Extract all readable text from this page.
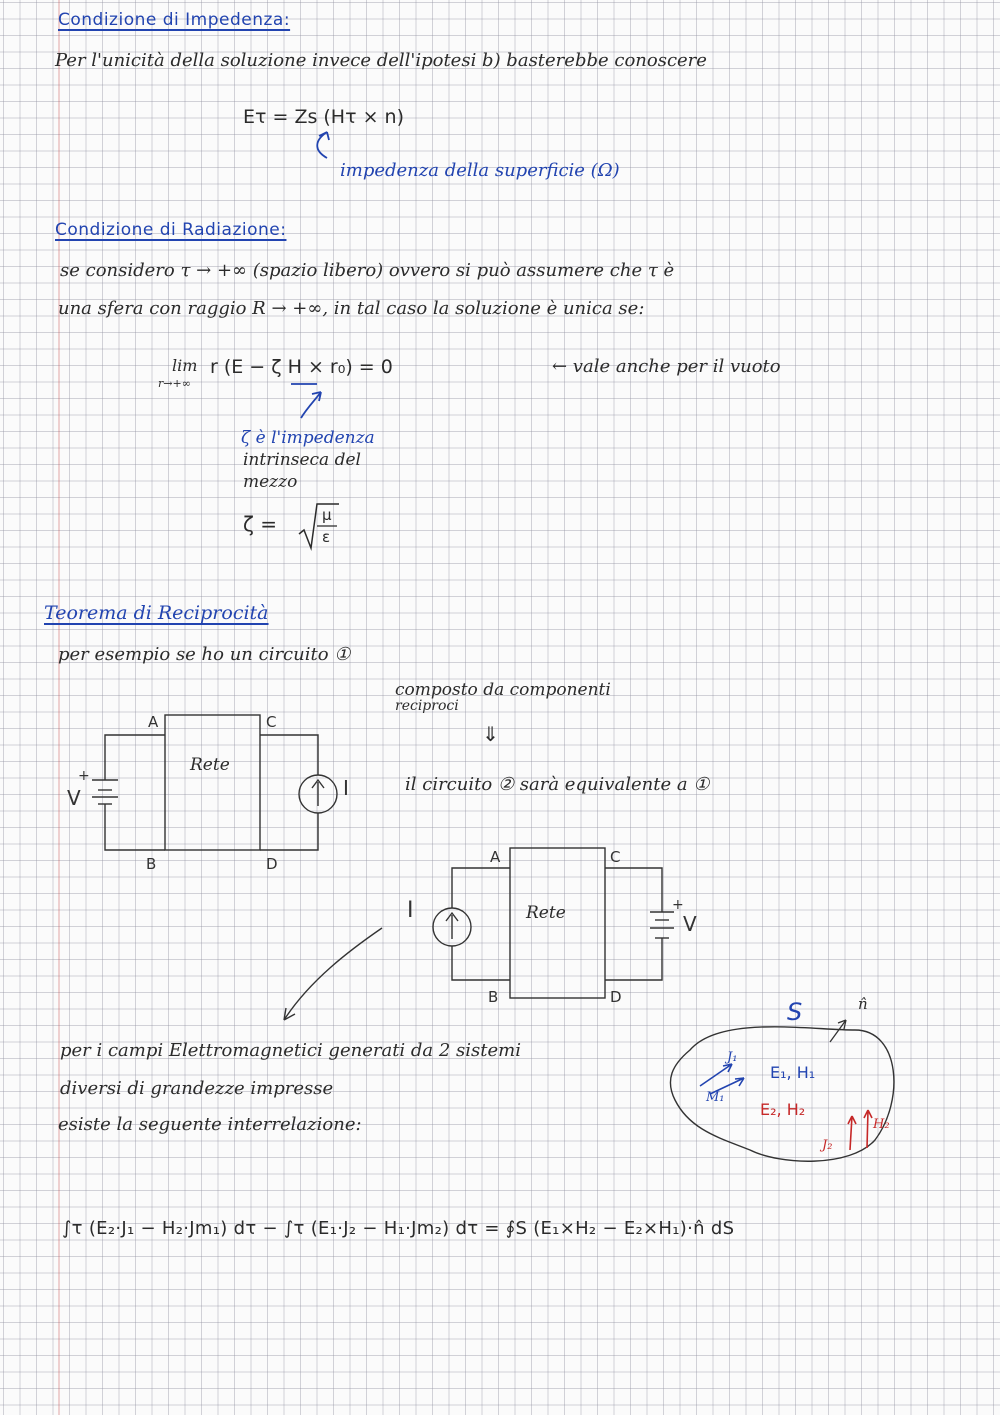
Condizione di Impedenza:
Per l'unicità della soluzione invece dell'ipotesi b) basterebbe conoscere
Eτ = Zs (Hτ × n)
impedenza della superficie (Ω)
Condizione di Radiazione:
se considero τ → +∞ (spazio libero) ovvero si può assumere che τ è
una sfera con raggio R → +∞, in tal caso la soluzione è unica se:
lim
r→+∞
r (E − ζ H × r₀) = 0	← vale anche per il vuoto
ζ è l'impedenza
intrinseca del
mezzo
ζ =	μ
ε
Teorema di Reciprocità
per esempio se ho un circuito ①
composto da componenti
reciproci
⇓
il circuito ② sarà equivalente a ①
A
B
C
D
Rete
+
V	I
A
B
C
D
Rete
I	+
V
per i campi Elettromagnetici generati da 2 sistemi
diversi di grandezze impresse
esiste la seguente interrelazione:
S	n̂
J₁
M₁
E₁, H₁
E₂, H₂
J₂
H₂
∫τ (E₂·J₁ − H₂·Jm₁) dτ − ∫τ (E₁·J₂ − H₁·Jm₂) dτ = ∮S (E₁×H₂ − E₂×H₁)·n̂ dS
